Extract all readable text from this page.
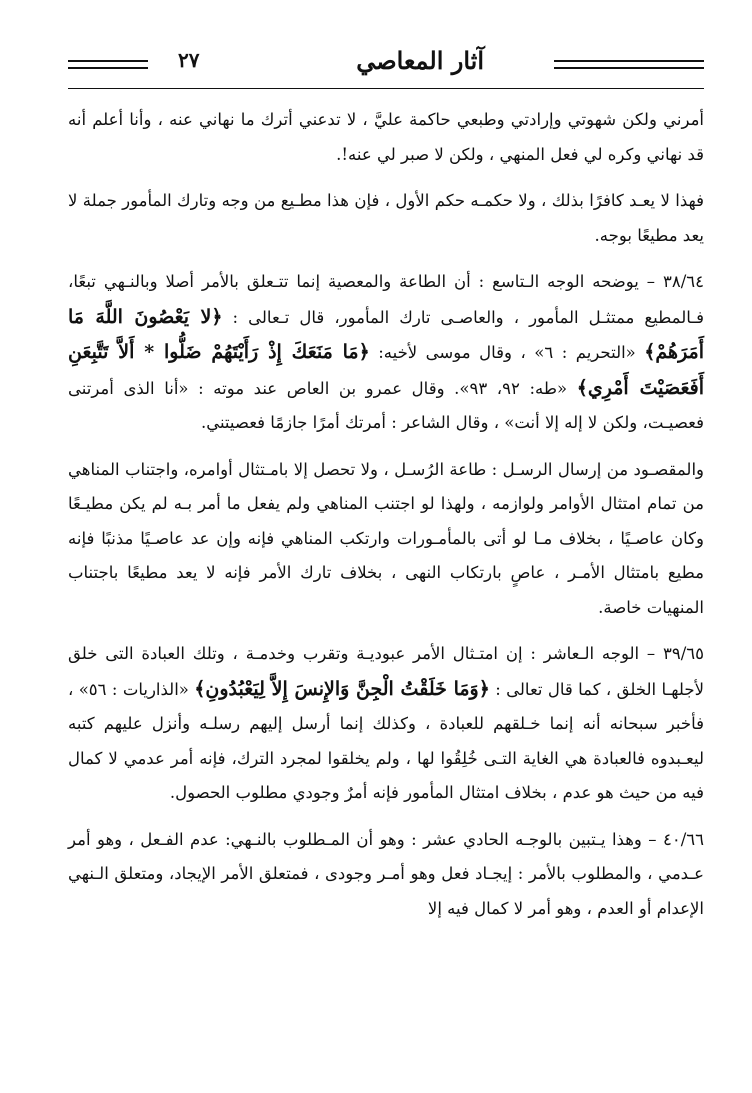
آثار المعاصي
٢٧

أمرني ولكن شهوتي وإرادتي وطبعي حاكمة عليَّ ، لا تدعني أترك ما نهاني عنه ، وأنا أعلم أنه قد نهاني وكره لي فعل المنهي ، ولكن لا صبر لي عنه!.

فهذا لا يعـد كافرًا بذلك ، ولا حكمـه حكم الأول ، فإن هذا مطـيع من وجه وتارك المأمور جملة لا يعد مطيعًا بوجه.

٣٨/٦٤ – يوضحه الوجه الـتاسع : أن الطاعة والمعصية إنما تتـعلق بالأمر أصلا وبالنـهي تبعًا، فـالمطيع ممتثـل المأمور ، والعاصـى تارك المأمور، قال تـعالى : ﴿لا يَعْصُونَ اللَّهَ مَا أَمَرَهُمْ﴾ «التحريم : ٦» ، وقال موسى لأخيه: ﴿مَا مَنَعَكَ إِذْ رَأَيْتَهُمْ ضَلُّوا * أَلاَّ تَتَّبِعَنِ أَفَعَصَيْتَ أَمْرِي﴾ «طه: ٩٢، ٩٣». وقال عمرو بن العاص عند موته : «أنا الذى أمرتنى فعصيـت، ولكن لا إله إلا أنت» ، وقال الشاعر : أمرتك أمرًا جازمًا فعصيتني.

والمقصـود من إرسال الرسـل : طاعة الرُسـل ، ولا تحصل إلا بامـتثال أوامره، واجتناب المناهي من تمام امتثال الأوامر ولوازمه ، ولهذا لو اجتنب المناهي ولم يفعل ما أمر بـه لم يكن مطيـعًا وكان عاصـيًا ، بخلاف مـا لو أتى بالمأمـورات وارتكب المناهي فإنه وإن عد عاصـيًا مذنبًا فإنه مطيع بامتثال الأمـر ، عاصٍ بارتكاب النهى ، بخلاف تارك الأمر فإنه لا يعد مطيعًا باجتناب المنهيات خاصة.

٣٩/٦٥ – الوجه الـعاشر : إن امتـثال الأمر عبوديـة وتقرب وخدمـة ، وتلك العبادة التى خلق لأجلهـا الخلق ، كما قال تعالى : ﴿وَمَا خَلَقْتُ الْجِنَّ وَالإِنسَ إِلاَّ لِيَعْبُدُونِ﴾ «الذاريات : ٥٦» ، فأخبر سبحانه أنه إنما خـلقهم للعبادة ، وكذلك إنما أرسل إليهم رسلـه وأنزل عليهم كتبه ليعـبدوه فالعبادة هي الغاية التـى خُلِقُوا لها ، ولم يخلقوا لمجرد الترك، فإنه أمر عدمي لا كمال فيه من حيث هو عدم ، بخلاف امتثال المأمور فإنه أمرٌ وجودي مطلوب الحصول.

٤٠/٦٦ – وهذا يـتبين بالوجـه الحادي عشر : وهو أن المـطلوب بالنـهي: عدم الفـعل ، وهو أمر عـدمي ، والمطلوب بالأمر : إيجـاد فعل وهو أمـر وجودى ، فمتعلق الأمر الإيجاد، ومتعلق الـنهي الإعدام أو العدم ، وهو أمر لا كمال فيه إلا
